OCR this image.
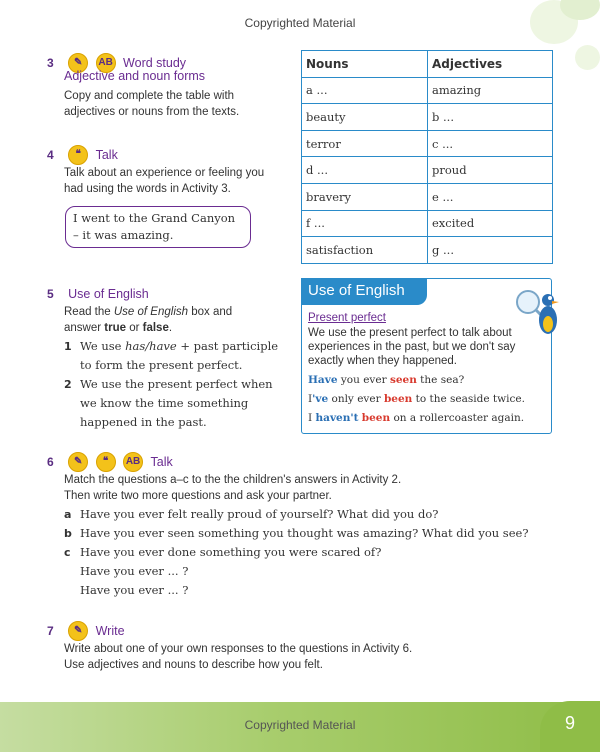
Copyrighted Material
3 ✎ AB Word study
Adjective and noun forms
Copy and complete the table with adjectives or nouns from the texts.
Nouns	Adjectives
a ...	amazing
beauty	b ...
terror	c ...
d ...	proud
bravery	e ...
f ...	excited
satisfaction	g ...
4 ❝ Talk
Talk about an experience or feeling you had using the words in Activity 3.
I went to the Grand Canyon – it was amazing.
5 Use of English
Read the Use of English box and answer true or false.
1 We use has/have + past participle to form the present perfect.
2 We use the present perfect when we know the time something happened in the past.
Use of English
Present perfect
We use the present perfect to talk about experiences in the past, but we don't say exactly when they happened.
Have you ever seen the sea?
I've only ever been to the seaside twice.
I haven't been on a rollercoaster again.
6 ✎ ❝ AB Talk
Match the questions a–c to the the children's answers in Activity 2.
Then write two more questions and ask your partner.
a Have you ever felt really proud of yourself? What did you do?
b Have you ever seen something you thought was amazing? What did you see?
c Have you ever done something you were scared of?
Have you ever ... ?
Have you ever ... ?
7 ✎ Write
Write about one of your own responses to the questions in Activity 6.
Use adjectives and nouns to describe how you felt.
Copyrighted Material	9
